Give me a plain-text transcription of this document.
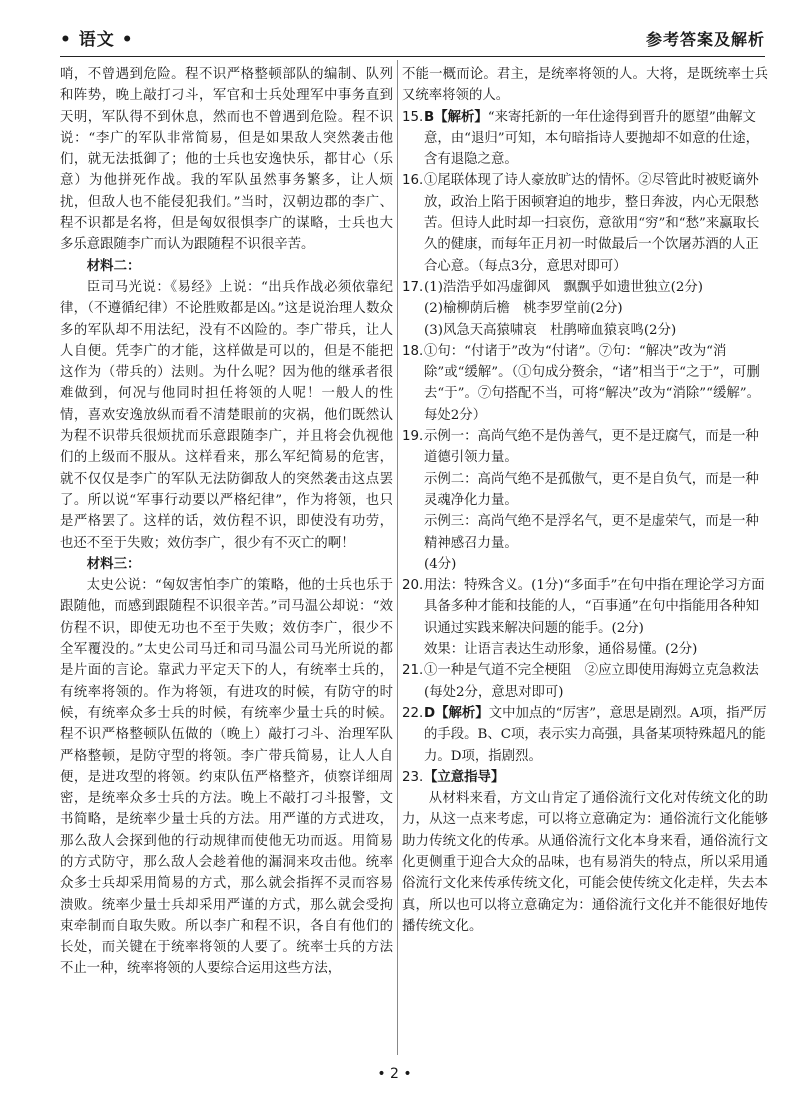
• 语文 •	参考答案及解析

哨，不曾遇到危险。程不识严格整顿部队的编制、队列和阵势，晚上敲打刁斗，军官和士兵处理军中事务直到天明，军队得不到休息，然而也不曾遇到危险。程不识说：“李广的军队非常简易，但是如果敌人突然袭击他们，就无法抵御了；他的士兵也安逸快乐，都甘心（乐意）为他拼死作战。我的军队虽然事务繁多，让人烦扰，但敌人也不能侵犯我们。”当时，汉朝边郡的李广、程不识都是名将，但是匈奴很惧李广的谋略，士兵也大多乐意跟随李广而认为跟随程不识很辛苦。

材料二：

臣司马光说：《易经》上说：“出兵作战必须依靠纪律，（不遵循纪律）不论胜败都是凶。”这是说治理人数众多的军队却不用法纪，没有不凶险的。李广带兵，让人人自便。凭李广的才能，这样做是可以的，但是不能把这作为（带兵的）法则。为什么呢？因为他的继承者很难做到，何况与他同时担任将领的人呢！一般人的性情，喜欢安逸放纵而看不清楚眼前的灾祸，他们既然认为程不识带兵很烦扰而乐意跟随李广，并且将会仇视他们的上级而不服从。这样看来，那么军纪简易的危害，就不仅仅是李广的军队无法防御敌人的突然袭击这点罢了。所以说“军事行动要以严格纪律”，作为将领，也只是严格罢了。这样的话，效仿程不识，即使没有功劳，也还不至于失败；效仿李广，很少有不灭亡的啊！

材料三：

太史公说：“匈奴害怕李广的策略，他的士兵也乐于跟随他，而感到跟随程不识很辛苦。”司马温公却说：“效仿程不识，即使无功也不至于失败；效仿李广，很少不全军覆没的。”太史公司马迁和司马温公司马光所说的都是片面的言论。靠武力平定天下的人，有统率士兵的，有统率将领的。作为将领，有进攻的时候，有防守的时候，有统率众多士兵的时候，有统率少量士兵的时候。程不识严格整顿队伍做的（晚上）敲打刁斗、治理军队严格整顿，是防守型的将领。李广带兵简易，让人人自便，是进攻型的将领。约束队伍严格整齐，侦察详细周密，是统率众多士兵的方法。晚上不敲打刁斗报警，文书简略，是统率少量士兵的方法。用严谨的方式进攻，那么敌人会探到他的行动规律而使他无功而返。用简易的方式防守，那么敌人会趁着他的漏洞来攻击他。统率众多士兵却采用简易的方式，那么就会指挥不灵而容易溃败。统率少量士兵却采用严谨的方式，那么就会受拘束牵制而自取失败。所以李广和程不识，各自有他们的长处，而关键在于统率将领的人要了。统率士兵的方法不止一种，统率将领的人要综合运用这些方法，

不能一概而论。君主，是统率将领的人。大将，是既统率士兵又统率将领的人。

15. B【解析】“来寄托新的一年仕途得到晋升的愿望”曲解文意，由“退归”可知，本句暗指诗人要抛却不如意的仕途，含有退隐之意。
16. ①尾联体现了诗人豪放旷达的情怀。②尽管此时被贬谪外放，政治上陷于困顿窘迫的地步，整日奔波，内心无限愁苦。但诗人此时却一扫哀伤，意欲用“穷”和“愁”来赢取长久的健康，而每年正月初一时做最后一个饮屠苏酒的人正合心意。（每点3分，意思对即可）
17. (1)浩浩乎如冯虚御风　飘飘乎如遗世独立(2分)
(2)榆柳荫后檐　桃李罗堂前(2分)
(3)风急天高猿啸哀　杜鹃啼血猿哀鸣(2分)
18. ①句：“付诸于”改为“付诸”。⑦句：“解决”改为“消除”或“缓解”。（①句成分赘余，“诸”相当于“之于”，可删去“于”。⑦句搭配不当，可将“解决”改为“消除”“缓解”。每处2分）
19. 示例一：高尚气绝不是伪善气，更不是迂腐气，而是一种道德引领力量。
示例二：高尚气绝不是孤傲气，更不是自负气，而是一种灵魂净化力量。
示例三：高尚气绝不是浮名气，更不是虚荣气，而是一种精神感召力量。
(4分)
20. 用法：特殊含义。(1分)“多面手”在句中指在理论学习方面具备多种才能和技能的人，“百事通”在句中指能用各种知识通过实践来解决问题的能手。(2分)
效果：让语言表达生动形象，通俗易懂。(2分)
21. ①一种是气道不完全梗阻　②应立即使用海姆立克急救法　(每处2分，意思对即可)
22. D【解析】文中加点的“厉害”，意思是剧烈。A项，指严厉的手段。B、C项，表示实力高强，具备某项特殊超凡的能力。D项，指剧烈。
23. 【立意指导】

从材料来看，方文山肯定了通俗流行文化对传统文化的助力，从这一点来考虑，可以将立意确定为：通俗流行文化能够助力传统文化的传承。从通俗流行文化本身来看，通俗流行文化更侧重于迎合大众的品味，也有易消失的特点，所以采用通俗流行文化来传承传统文化，可能会使传统文化走样，失去本真，所以也可以将立意确定为：通俗流行文化并不能很好地传播传统文化。

• 2 •
